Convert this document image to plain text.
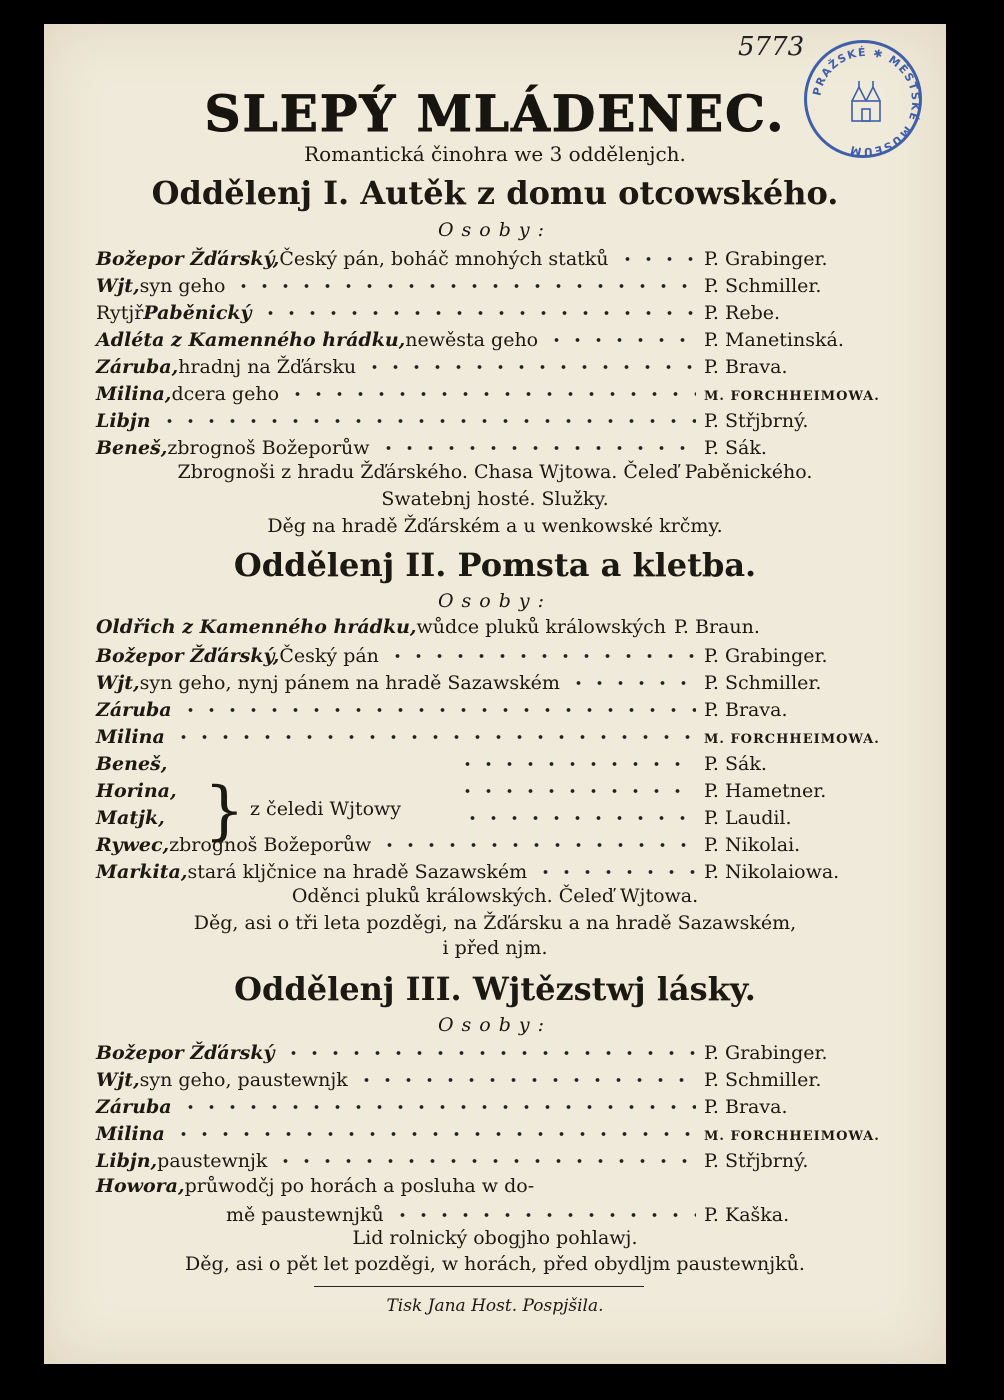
5773
PRAŽSKÉ ✱ MĚSTSKÉ MUSEUM
SLEPÝ MLÁDENEC.
Romantická činohra we 3 oddělenjch.
Oddělenj I. Autěk z domu otcowského.
Osoby:
Božepor Žďárský, Český pán, boháč mnohých statků	P. Grabinger.
Wjt, syn geho	P. Schmiller.
Rytjř Paběnický	P. Rebe.
Adléta z Kamenného hrádku, newěsta geho	P. Manetinská.
Záruba, hradnj na Žďársku	P. Brava.
Milina, dcera geho	M. FORCHHEIMOWA.
Libjn	P. Střjbrný.
Beneš, zbrognoš Božeporůw	P. Sák.
Zbrognoši z hradu Žďárského. Chasa Wjtowa. Čeleď Paběnického.
Swatebnj hosté. Služky.
Děg na hradě Žďárském a u wenkowské krčmy.
Oddělenj II. Pomsta a kletba.
Osoby:
Oldřich z Kamenného hrádku, wůdce pluků králowských P. Braun.
Božepor Žďárský, Český pán	P. Grabinger.
Wjt, syn geho, nynj pánem na hradě Sazawském	P. Schmiller.
Záruba	P. Brava.
Milina	M. FORCHHEIMOWA.
Beneš,	P. Sák.
Horina,	P. Hametner.
Matjk,	P. Laudil.
} z čeledi Wjtowy
Rywec, zbrognoš Božeporůw	P. Nikolai.
Markita, stará kljčnice na hradě Sazawském	P. Nikolaiowa.
Oděnci pluků králowských. Čeleď Wjtowa.
Děg, asi o tři leta pozděgi, na Žďársku a na hradě Sazawském,
i před njm.
Oddělenj III. Wjtězstwj lásky.
Osoby:
Božepor Žďárský	P. Grabinger.
Wjt, syn geho, paustewnjk	P. Schmiller.
Záruba	P. Brava.
Milina	M. FORCHHEIMOWA.
Libjn, paustewnjk	P. Střjbrný.
Howora, průwodčj po horách a posluha w do-
mě paustewnjků	P. Kaška.
Lid rolnický obogjho pohlawj.
Děg, asi o pět let pozděgi, w horách, před obydljm paustewnjků.
Tisk Jana Host. Pospjšila.
